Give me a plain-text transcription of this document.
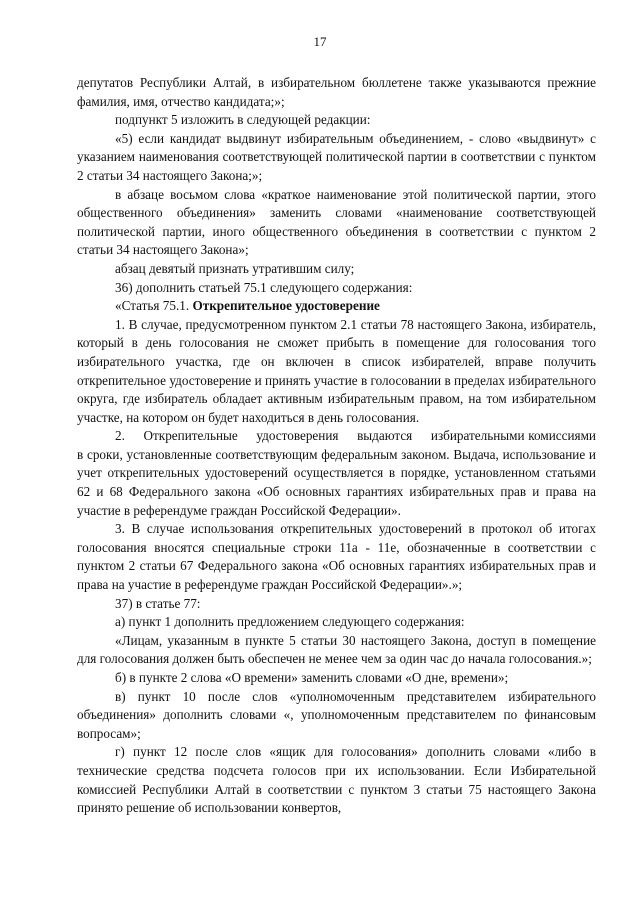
17

депутатов Республики Алтай, в избирательном бюллетене также указываются прежние фамилия, имя, отчество кандидата;»;

подпункт 5 изложить в следующей редакции:

«5) если кандидат выдвинут избирательным объединением, - слово «выдвинут» с указанием наименования соответствующей политической партии в соответствии с пунктом 2 статьи 34 настоящего Закона;»;

в абзаце восьмом слова «краткое наименование этой политической партии, этого общественного объединения» заменить словами «наименование соответствующей политической партии, иного общественного объединения в соответствии с пунктом 2 статьи 34 настоящего Закона»;

абзац девятый признать утратившим силу;

36) дополнить статьей 75.1 следующего содержания:

«Статья 75.1. Открепительное удостоверение

1. В случае, предусмотренном пунктом 2.1 статьи 78 настоящего Закона, избиратель, который в день голосования не сможет прибыть в помещение для голосования того избирательного участка, где он включен в список избирателей, вправе получить открепительное удостоверение и принять участие в голосовании в пределах избирательного округа, где избиратель обладает активным избирательным правом, на том избирательном участке, на котором он будет находиться в день голосования.

2.     Открепительные     удостоверения     выдаются     избирательными комиссиями в сроки, установленные соответствующим федеральным законом. Выдача, использование и учет открепительных удостоверений осуществляется в порядке, установленном статьями 62 и 68 Федерального закона «Об основных гарантиях избирательных прав и права на участие в референдуме граждан Российской Федерации».

3. В случае использования открепительных удостоверений в протокол об итогах голосования вносятся специальные строки 11а - 11е, обозначенные в соответствии с пунктом 2 статьи 67 Федерального закона «Об основных гарантиях избирательных прав и права на участие в референдуме граждан Российской Федерации».»;

37) в статье 77:

а) пункт 1 дополнить предложением следующего содержания:

«Лицам, указанным в пункте 5 статьи 30 настоящего Закона, доступ в помещение для голосования должен быть обеспечен не менее чем за один час до начала голосования.»;

б) в пункте 2 слова «О времени» заменить словами «О дне, времени»;

в) пункт 10 после слов «уполномоченным представителем избирательного объединения» дополнить словами «, уполномоченным представителем по финансовым вопросам»;

г) пункт 12 после слов «ящик для голосования» дополнить словами «либо в технические средства подсчета голосов при их использовании. Если Избирательной комиссией Республики Алтай в соответствии с пунктом 3 статьи 75 настоящего Закона принято решение об использовании конвертов,
